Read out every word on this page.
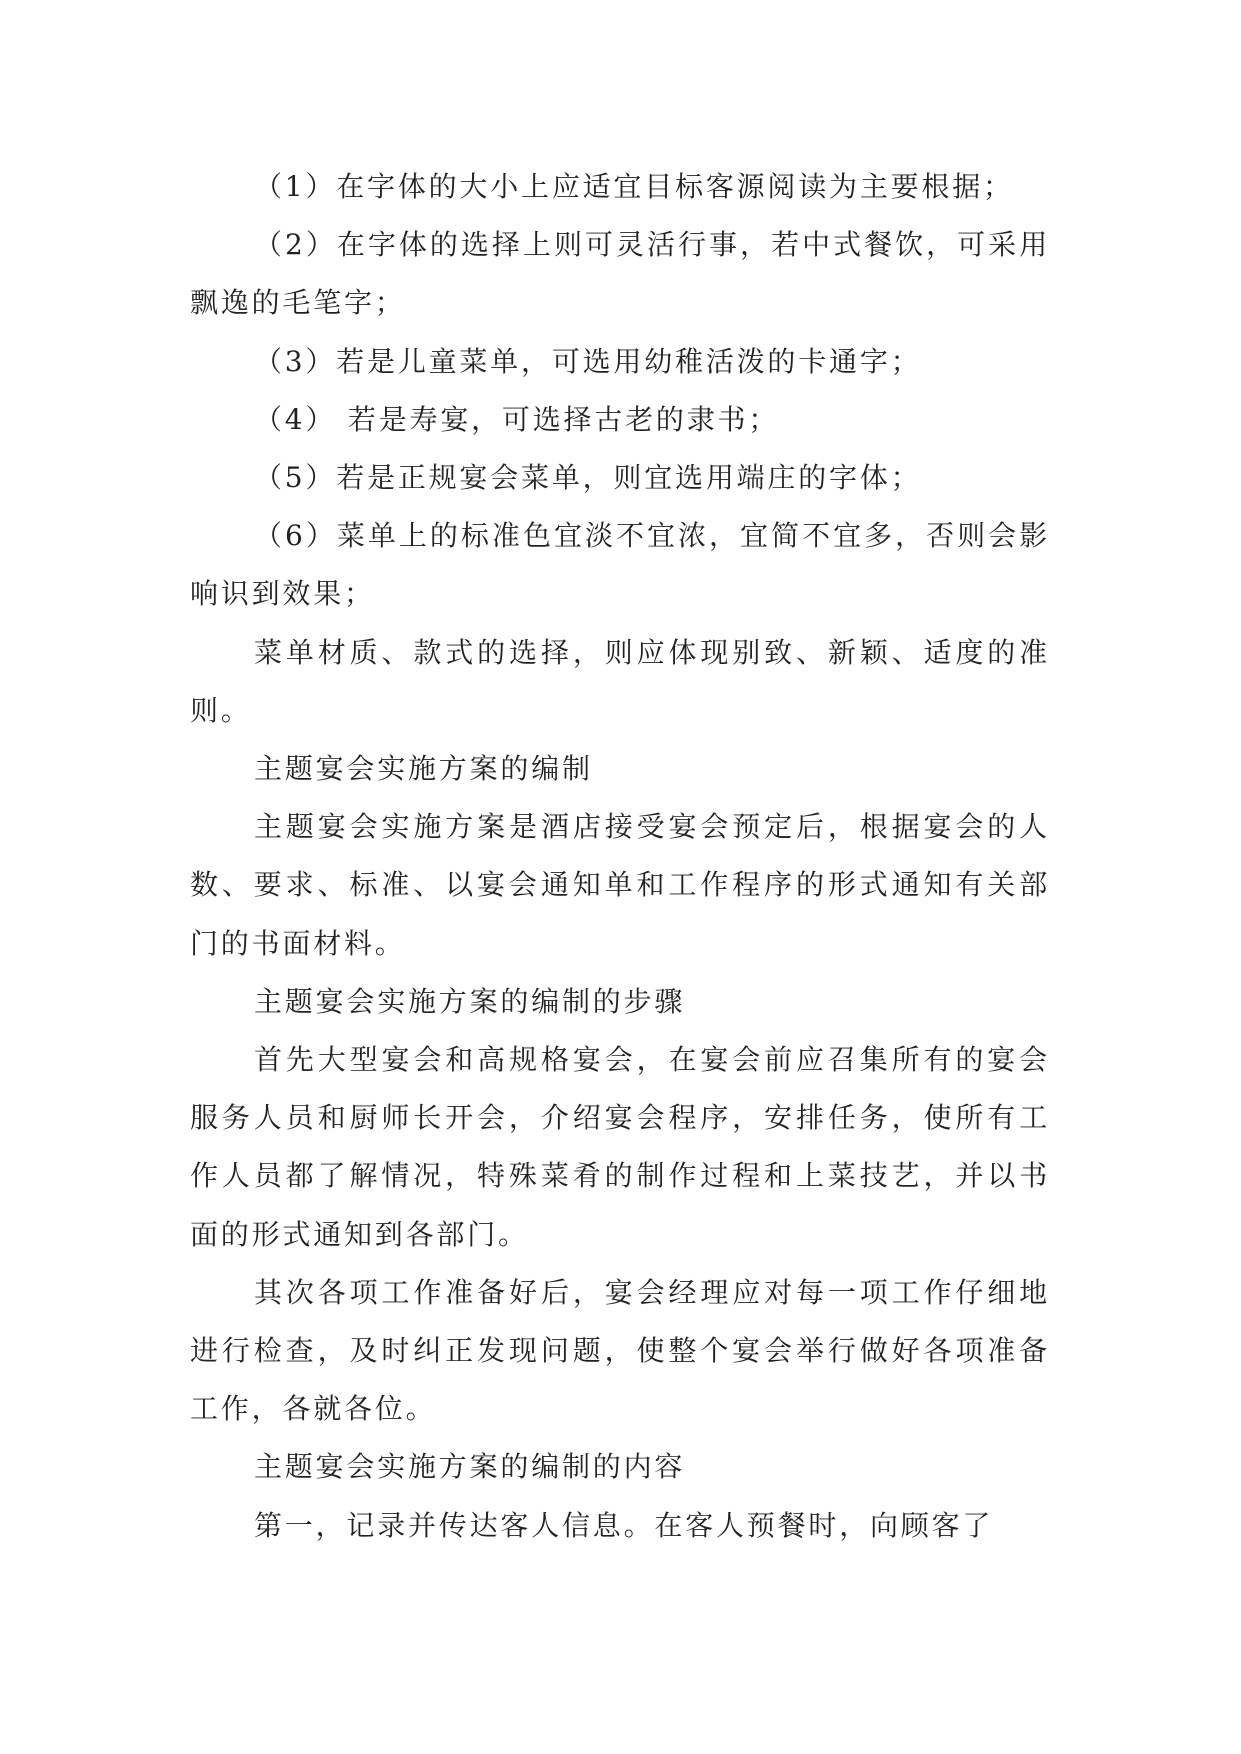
（1）在字体的大小上应适宜目标客源阅读为主要根据；

（2）在字体的选择上则可灵活行事，若中式餐饮，可采用飘逸的毛笔字；

（3）若是儿童菜单，可选用幼稚活泼的卡通字；

（4） 若是寿宴，可选择古老的隶书；

（5）若是正规宴会菜单，则宜选用端庄的字体；

（6）菜单上的标准色宜淡不宜浓，宜简不宜多，否则会影响识到效果；

菜单材质、款式的选择，则应体现别致、新颖、适度的准则。

主题宴会实施方案的编制

主题宴会实施方案是酒店接受宴会预定后，根据宴会的人数、要求、标准、以宴会通知单和工作程序的形式通知有关部门的书面材料。

主题宴会实施方案的编制的步骤

首先大型宴会和高规格宴会，在宴会前应召集所有的宴会服务人员和厨师长开会，介绍宴会程序，安排任务，使所有工作人员都了解情况，特殊菜肴的制作过程和上菜技艺，并以书面的形式通知到各部门。

其次各项工作准备好后，宴会经理应对每一项工作仔细地进行检查，及时纠正发现问题，使整个宴会举行做好各项准备工作，各就各位。

主题宴会实施方案的编制的内容

第一，记录并传达客人信息。在客人预餐时，向顾客了
